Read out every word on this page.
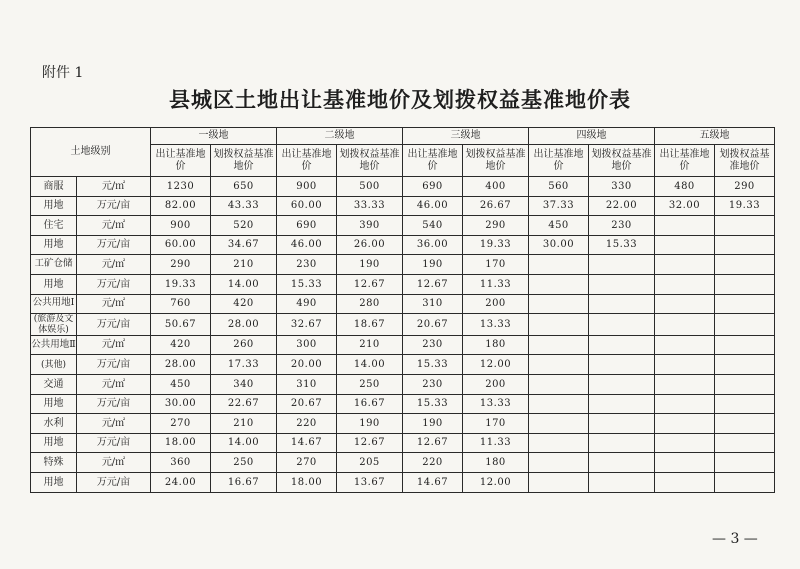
附件 1
县城区土地出让基准地价及划拨权益基准地价表
土地级别		一级地		二级地		三级地		四级地		五级地	
		出让基准地价	划拨权益基准地价	出让基准地价	划拨权益基准地价	出让基准地价	划拨权益基准地价	出让基准地价	划拨权益基准地价	出让基准地价	划拨权益基准地价
商服	元/㎡	1230	650	900	500	690	400	560	330	480	290
用地	万元/亩	82.00	43.33	60.00	33.33	46.00	26.67	37.33	22.00	32.00	19.33
住宅	元/㎡	900	520	690	390	540	290	450	230		
用地	万元/亩	60.00	34.67	46.00	26.00	36.00	19.33	30.00	15.33		
工矿仓储	元/㎡	290	210	230	190	190	170				
用地	万元/亩	19.33	14.00	15.33	12.67	12.67	11.33				
公共用地Ⅰ	元/㎡	760	420	490	280	310	200				
(旅游及文体娱乐)	万元/亩	50.67	28.00	32.67	18.67	20.67	13.33				
公共用地Ⅱ	元/㎡	420	260	300	210	230	180				
(其他)	万元/亩	28.00	17.33	20.00	14.00	15.33	12.00				
交通	元/㎡	450	340	310	250	230	200				
用地	万元/亩	30.00	22.67	20.67	16.67	15.33	13.33				
水利	元/㎡	270	210	220	190	190	170				
用地	万元/亩	18.00	14.00	14.67	12.67	12.67	11.33				
特殊	元/㎡	360	250	270	205	220	180				
用地	万元/亩	24.00	16.67	18.00	13.67	14.67	12.00				
— 3 —
